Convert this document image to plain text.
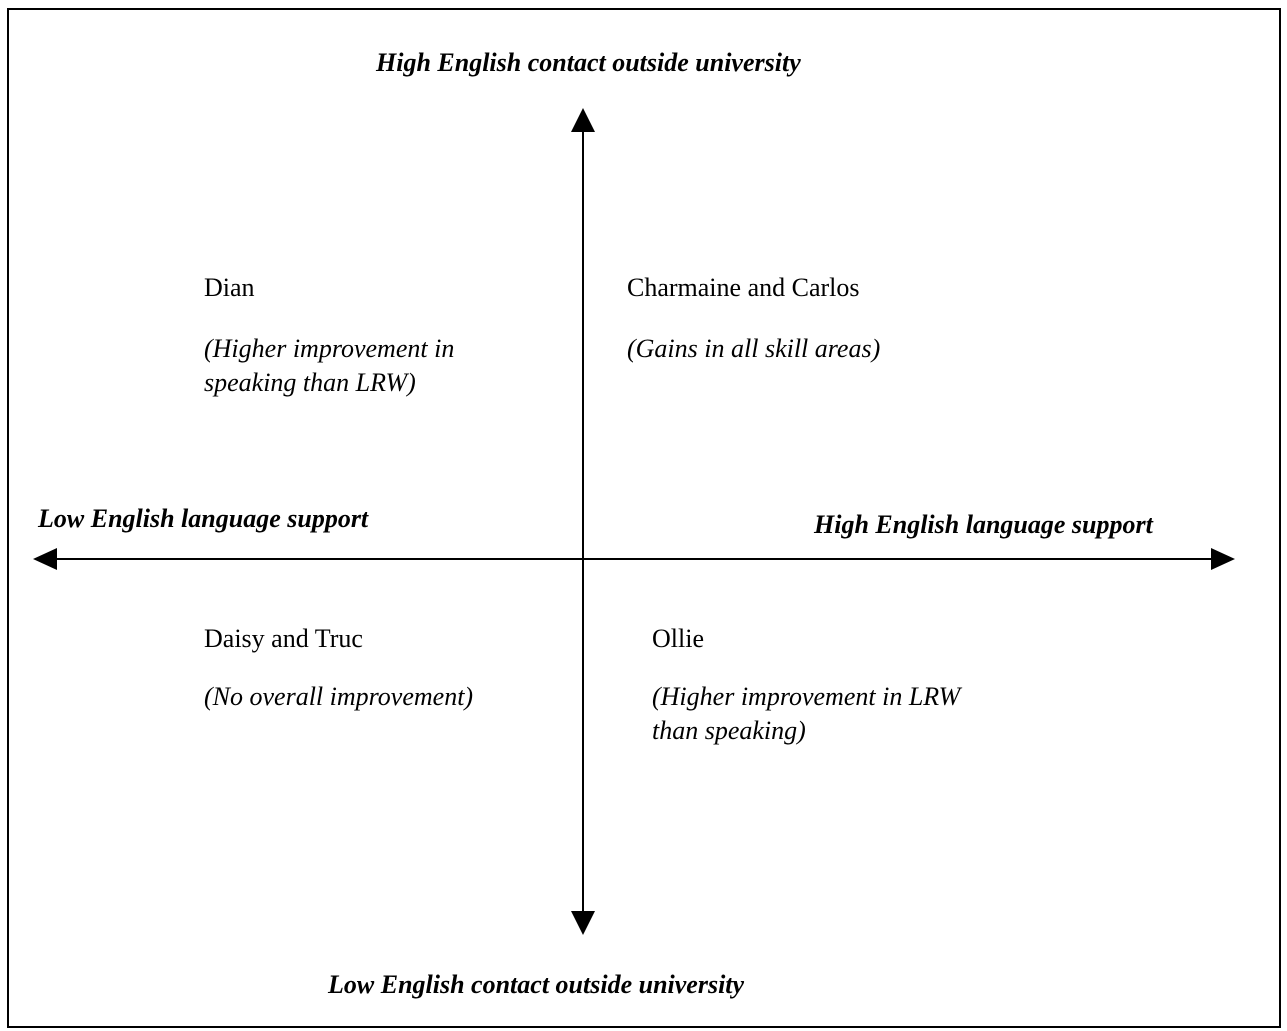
High English contact outside university
Low English contact outside university
Low English language support	High English language support
Dian
(Higher improvement in
speaking than LRW)
Charmaine and Carlos
(Gains in all skill areas)
Daisy and Truc
(No overall improvement)
Ollie
(Higher improvement in LRW
than speaking)
